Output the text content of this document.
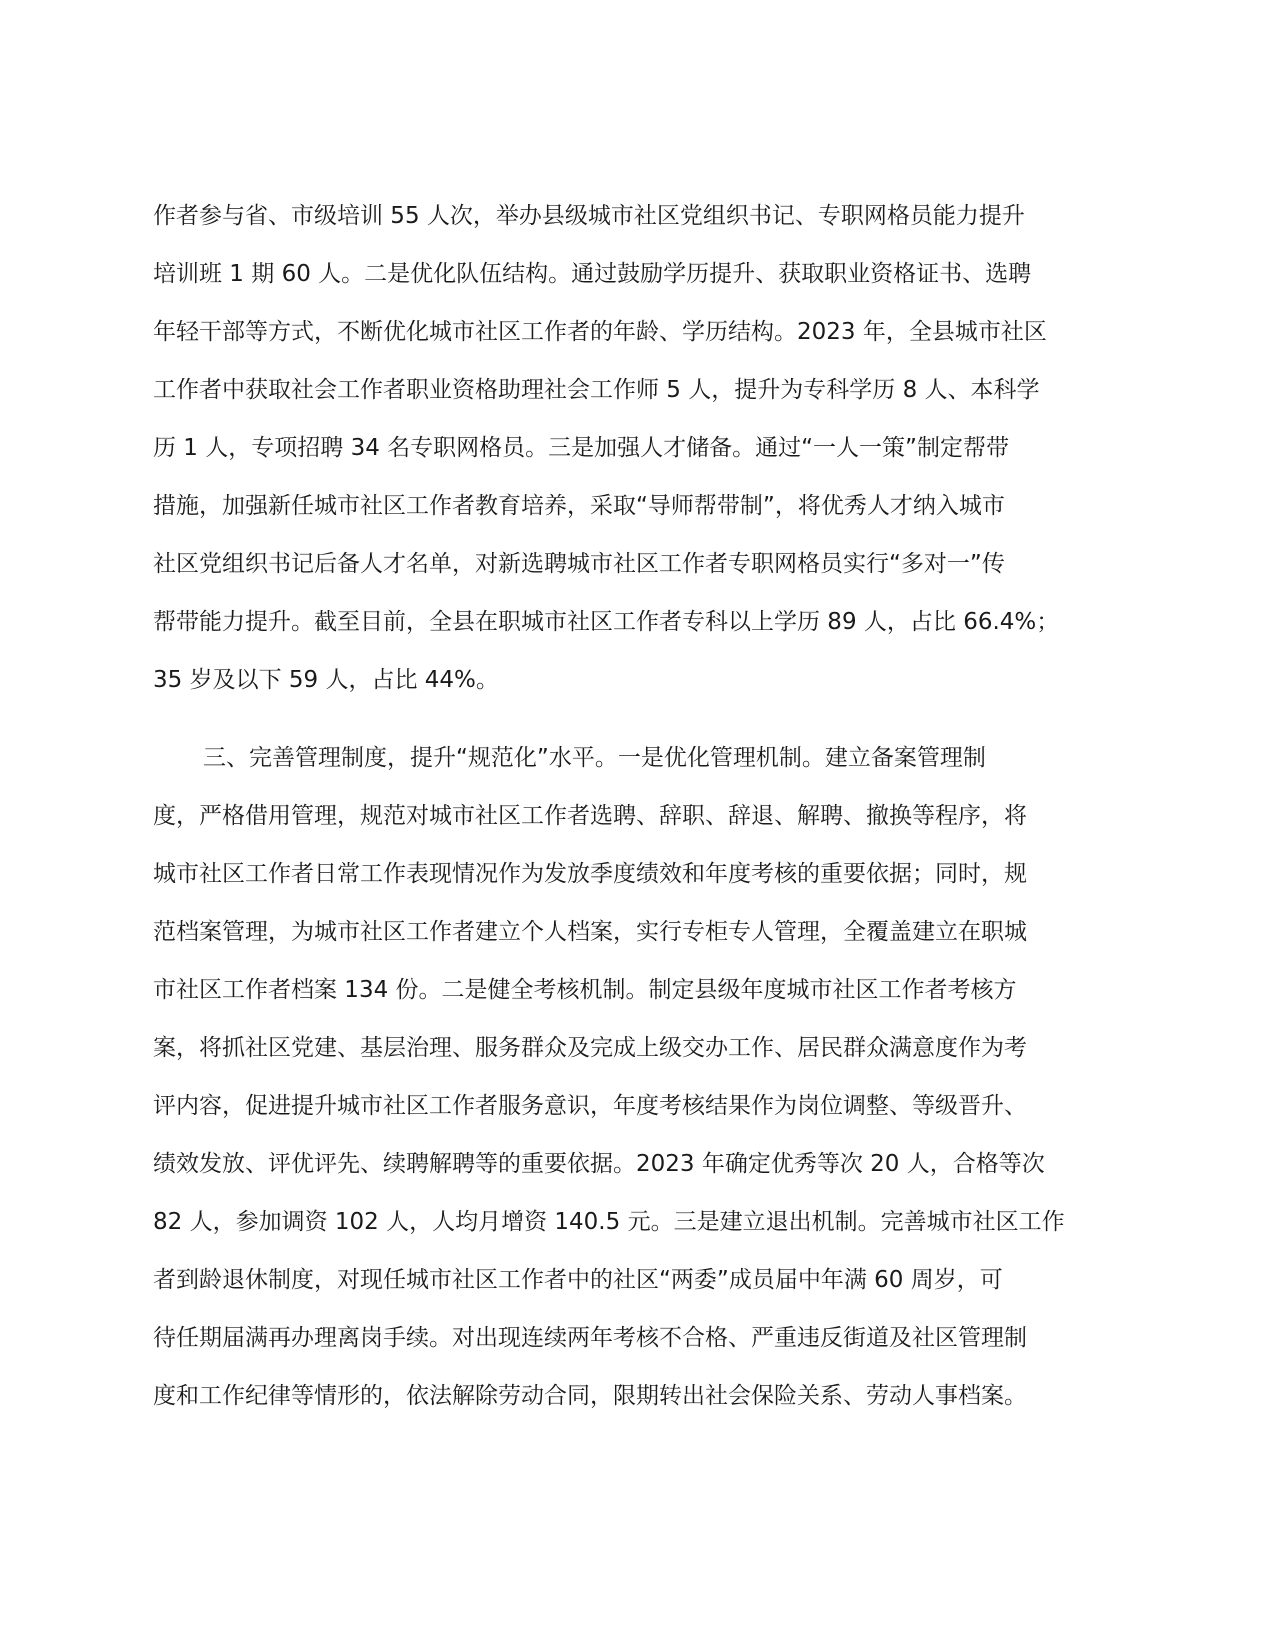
作者参与省、市级培训 55 人次，举办县级城市社区党组织书记、专职网格员能力提升
培训班 1 期 60 人。二是优化队伍结构。通过鼓励学历提升、获取职业资格证书、选聘
年轻干部等方式，不断优化城市社区工作者的年龄、学历结构。2023 年，全县城市社区
工作者中获取社会工作者职业资格助理社会工作师 5 人，提升为专科学历 8 人、本科学
历 1 人，专项招聘 34 名专职网格员。三是加强人才储备。通过“一人一策”制定帮带
措施，加强新任城市社区工作者教育培养，采取“导师帮带制”，将优秀人才纳入城市
社区党组织书记后备人才名单，对新选聘城市社区工作者专职网格员实行“多对一”传
帮带能力提升。截至目前，全县在职城市社区工作者专科以上学历 89 人，占比 66.4%；
35 岁及以下 59 人，占比 44%。
三、完善管理制度，提升“规范化”水平。一是优化管理机制。建立备案管理制
度，严格借用管理，规范对城市社区工作者选聘、辞职、辞退、解聘、撤换等程序，将
城市社区工作者日常工作表现情况作为发放季度绩效和年度考核的重要依据；同时，规
范档案管理，为城市社区工作者建立个人档案，实行专柜专人管理，全覆盖建立在职城
市社区工作者档案 134 份。二是健全考核机制。制定县级年度城市社区工作者考核方
案，将抓社区党建、基层治理、服务群众及完成上级交办工作、居民群众满意度作为考
评内容，促进提升城市社区工作者服务意识，年度考核结果作为岗位调整、等级晋升、
绩效发放、评优评先、续聘解聘等的重要依据。2023 年确定优秀等次 20 人，合格等次
82 人，参加调资 102 人，人均月增资 140.5 元。三是建立退出机制。完善城市社区工作
者到龄退休制度，对现任城市社区工作者中的社区“两委”成员届中年满 60 周岁，可
待任期届满再办理离岗手续。对出现连续两年考核不合格、严重违反街道及社区管理制
度和工作纪律等情形的，依法解除劳动合同，限期转出社会保险关系、劳动人事档案。
